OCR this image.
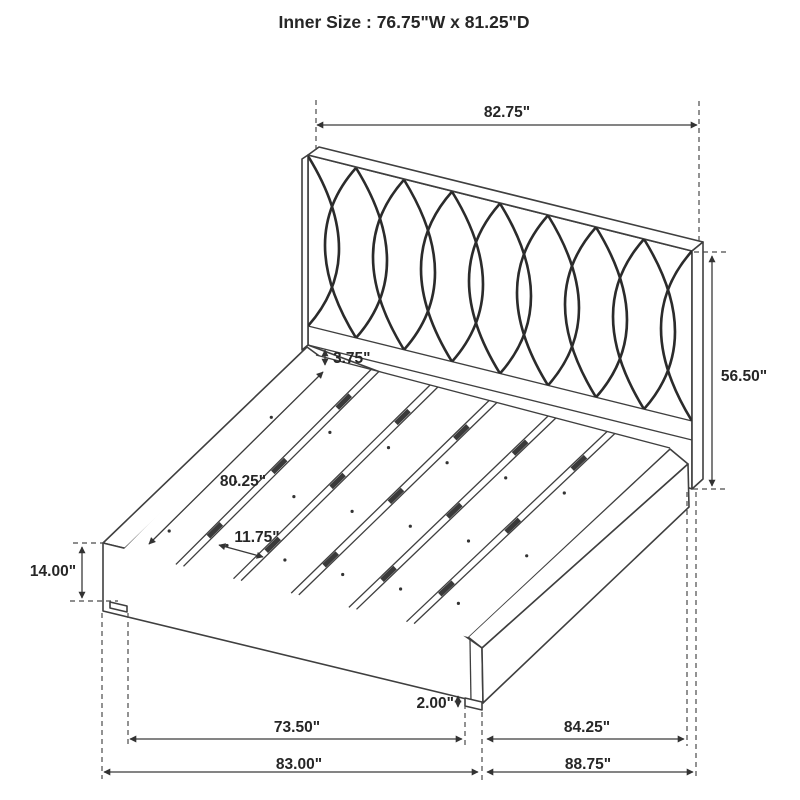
Inner Size : 76.75"W x 81.25"D
82.75"
56.50"
3.75"
80.25"
11.75"
14.00"
2.00"
73.50"	84.25"
83.00"	88.75"
